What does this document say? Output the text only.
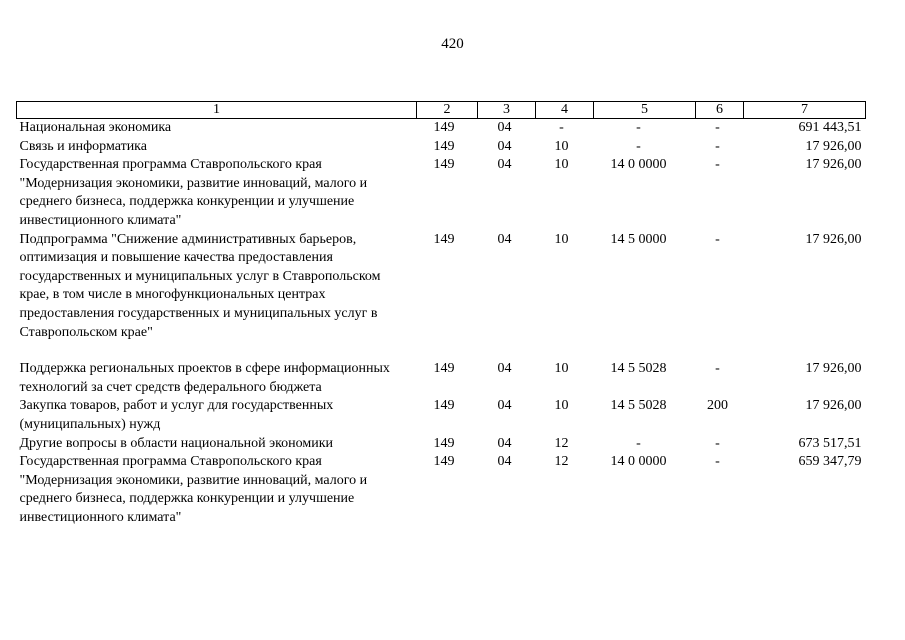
420
1	2	3	4	5	6	7
Национальная экономика	149	04	-	-	-	691 443,51
Связь и информатика	149	04	10	-	-	17 926,00
Государственная программа Ставропольского края "Модернизация экономики, развитие инноваций, малого и среднего бизнеса, поддержка конкуренции и улучшение инвестиционного климата"	149	04	10	14 0 0000	-	17 926,00
Подпрограмма "Снижение административных барьеров, оптимизация и повышение качества предоставления государственных и муниципальных услуг в Ставропольском крае, в том числе в многофункциональных центрах предоставления государственных и муниципальных услуг в Ставропольском крае"	149	04	10	14 5 0000	-	17 926,00

Поддержка региональных проектов в сфере информационных технологий за счет средств федерального бюджета	149	04	10	14 5 5028	-	17 926,00
Закупка товаров, работ и услуг для государственных (муниципальных) нужд	149	04	10	14 5 5028	200	17 926,00
Другие вопросы в области национальной экономики	149	04	12	-	-	673 517,51
Государственная программа Ставропольского края "Модернизация экономики, развитие инноваций, малого и среднего бизнеса, поддержка конкуренции и улучшение инвестиционного климата"	149	04	12	14 0 0000	-	659 347,79
